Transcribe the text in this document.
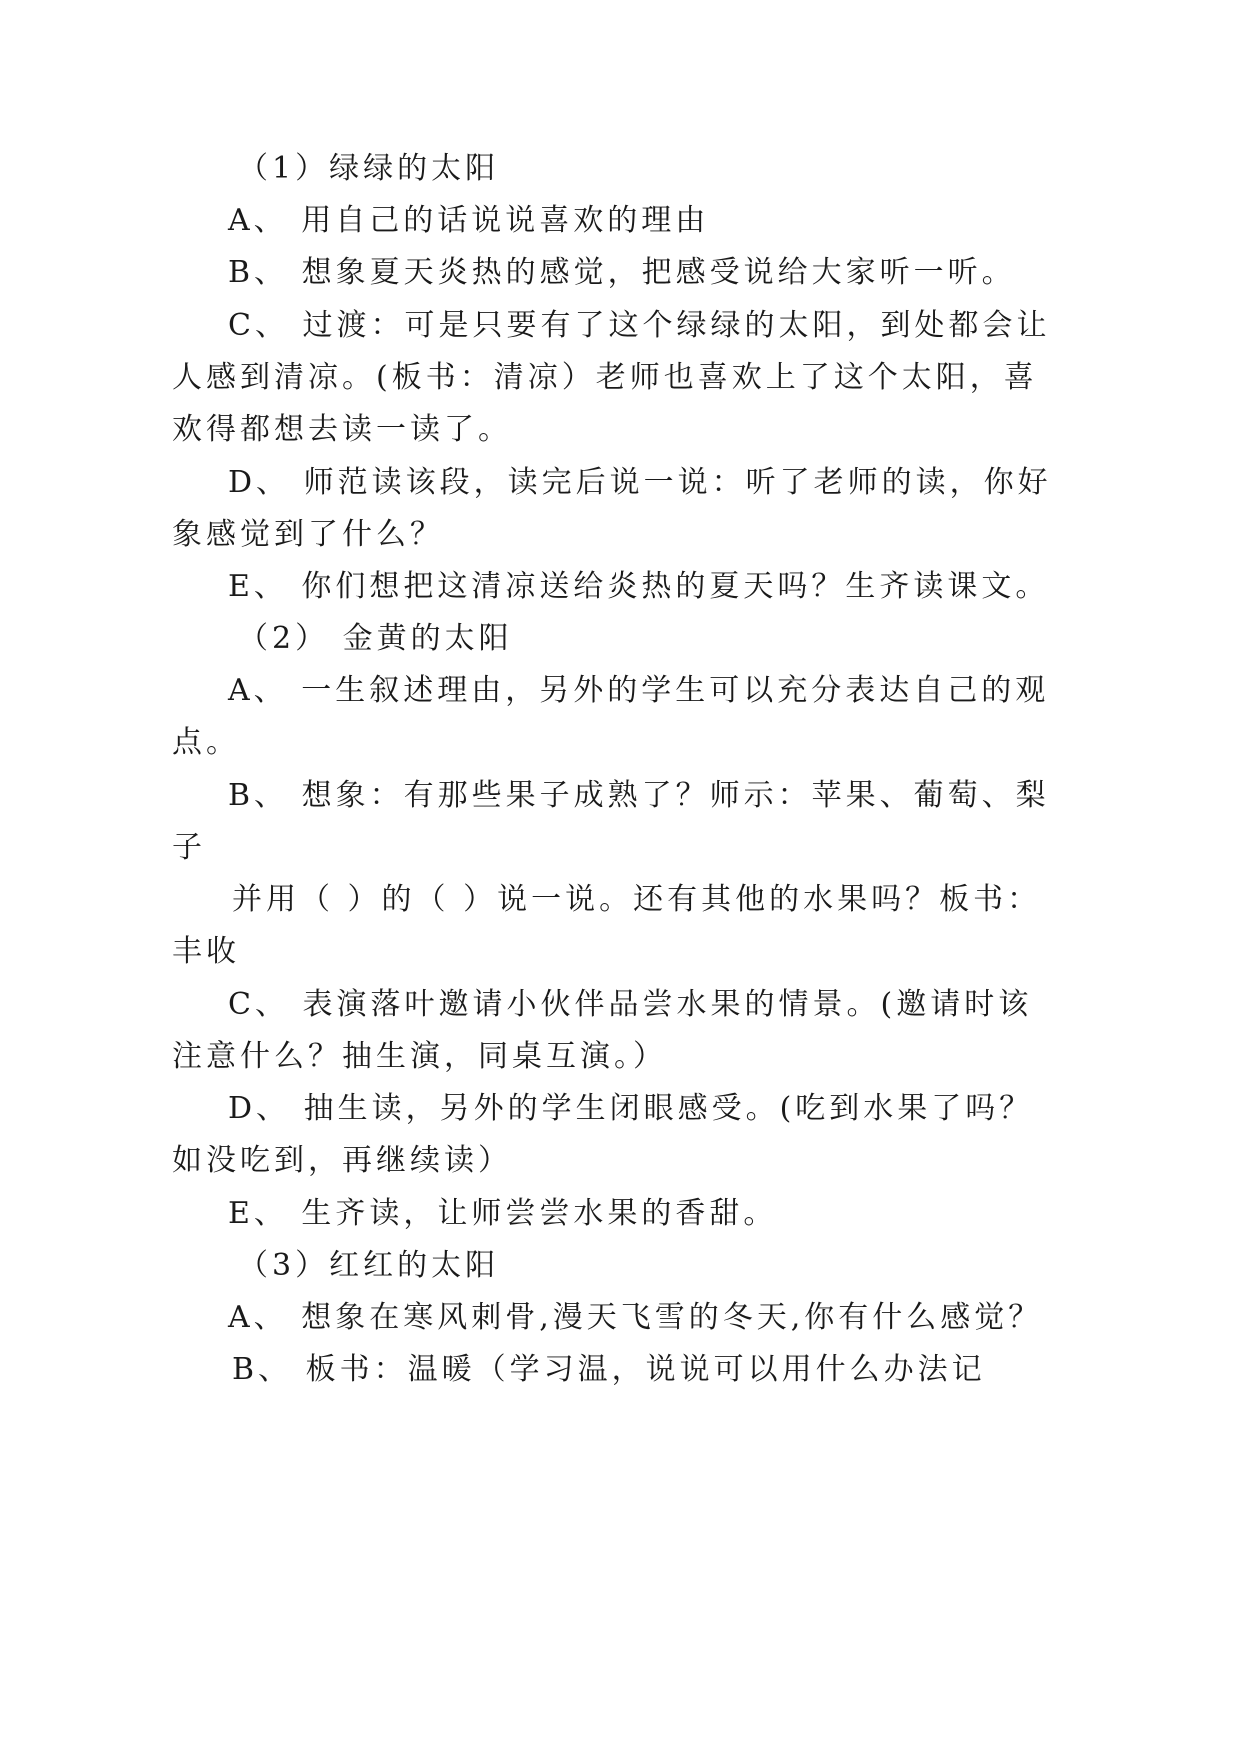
（1）绿绿的太阳
A、 用自己的话说说喜欢的理由
B、 想象夏天炎热的感觉，把感受说给大家听一听。
C、 过渡：可是只要有了这个绿绿的太阳，到处都会让
人感到清凉。(板书：清凉）老师也喜欢上了这个太阳，喜
欢得都想去读一读了。
D、 师范读该段，读完后说一说：听了老师的读，你好
象感觉到了什么？
E、 你们想把这清凉送给炎热的夏天吗？生齐读课文。
（2） 金黄的太阳
A、 一生叙述理由，另外的学生可以充分表达自己的观
点。
B、 想象：有那些果子成熟了？师示：苹果、葡萄、梨
子
并用（ ）的（ ）说一说。还有其他的水果吗？板书：
丰收
C、 表演落叶邀请小伙伴品尝水果的情景。(邀请时该
注意什么？抽生演，同桌互演。）
D、 抽生读，另外的学生闭眼感受。(吃到水果了吗？
如没吃到，再继续读）
E、 生齐读，让师尝尝水果的香甜。
（3）红红的太阳
A、 想象在寒风刺骨,漫天飞雪的冬天,你有什么感觉？
B、 板书：温暖（学习温，说说可以用什么办法记
